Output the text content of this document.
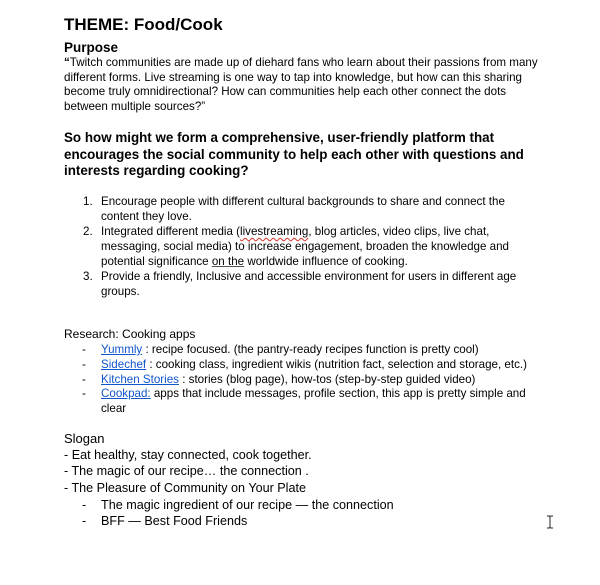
THEME: Food/Cook
Purpose
“Twitch communities are made up of diehard fans who learn about their passions from many different forms. Live streaming is one way to tap into knowledge, but how can this sharing become truly omnidirectional? How can communities help each other connect the dots between multiple sources?”
So how might we form a comprehensive, user-friendly platform that encourages the social community to help each other with questions and interests regarding cooking?
1. Encourage people with different cultural backgrounds to share and connect the content they love.
2. Integrated different media (livestreaming, blog articles, video clips, live chat, messaging, social media) to increase engagement, broaden the knowledge and potential significance on the worldwide influence of cooking.
3. Provide a friendly, Inclusive and accessible environment for users in different age groups.
Research: Cooking apps
- Yummly : recipe focused. (the pantry-ready recipes function is pretty cool)
- Sidechef : cooking class, ingredient wikis (nutrition fact, selection and storage, etc.)
- Kitchen Stories : stories (blog page), how-tos (step-by-step guided video)
- Cookpad: apps that include messages, profile section, this app is pretty simple and clear
Slogan
- Eat healthy, stay connected, cook together.
- The magic of our recipe… the connection .
- The Pleasure of Community on Your Plate
- The magic ingredient of our recipe — the connection
- BFF — Best Food Friends
